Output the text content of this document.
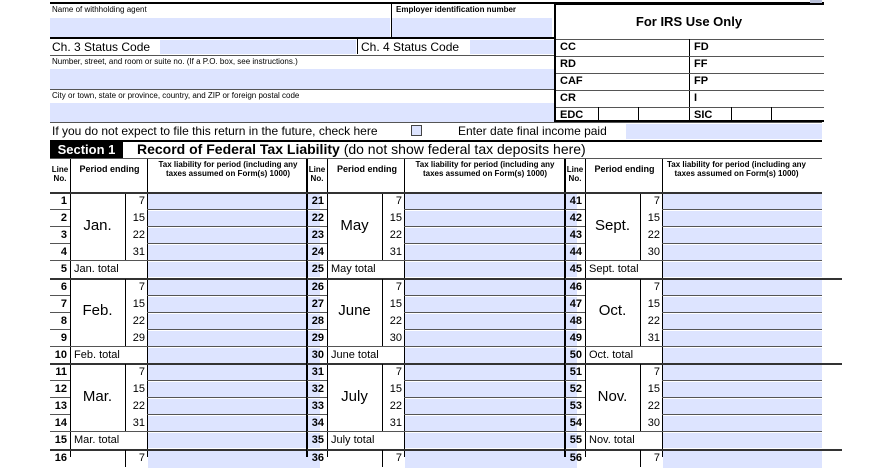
Name of withholding agent	Employer identification number
Ch. 3 Status Code	Ch. 4 Status Code
Number, street, and room or suite no. (If a P.O. box, see instructions.)
City or town, state or province, country, and ZIP or foreign postal code
If you do not expect to file this return in the future, check here	Enter date final income paid
For IRS Use Only
CC	FD
RD	FF
CAF	FP
CR	I
EDC	SIC
Section 1	Record of Federal Tax Liability (do not show federal tax deposits here)
Line No.
Period ending	Tax liability for period (including any taxes assumed on Form(s) 1000)
Jan.
1	7
2	15
3	22
4	31
5 Jan. total
Feb.
6	7
7	15
8	22
9	29
10 Feb. total
Mar.
11	7
12	15
13	22
14	31
15 Mar. total
16	7
Line No.
Period ending	Tax liability for period (including any taxes assumed on Form(s) 1000)
May
21	7
22	15
23	22
24	31
25 May total
June
26	7
27	15
28	22
29	30
30 June total
July
31	7
32	15
33	22
34	31
35 July total
36	7
Line No.
Period ending	Tax liability for period (including any taxes assumed on Form(s) 1000)
Sept.
41	7
42	15
43	22
44	30
45 Sept. total
Oct.
46	7
47	15
48	22
49	31
50 Oct. total
Nov.
51	7
52	15
53	22
54	30
55 Nov. total
56	7
